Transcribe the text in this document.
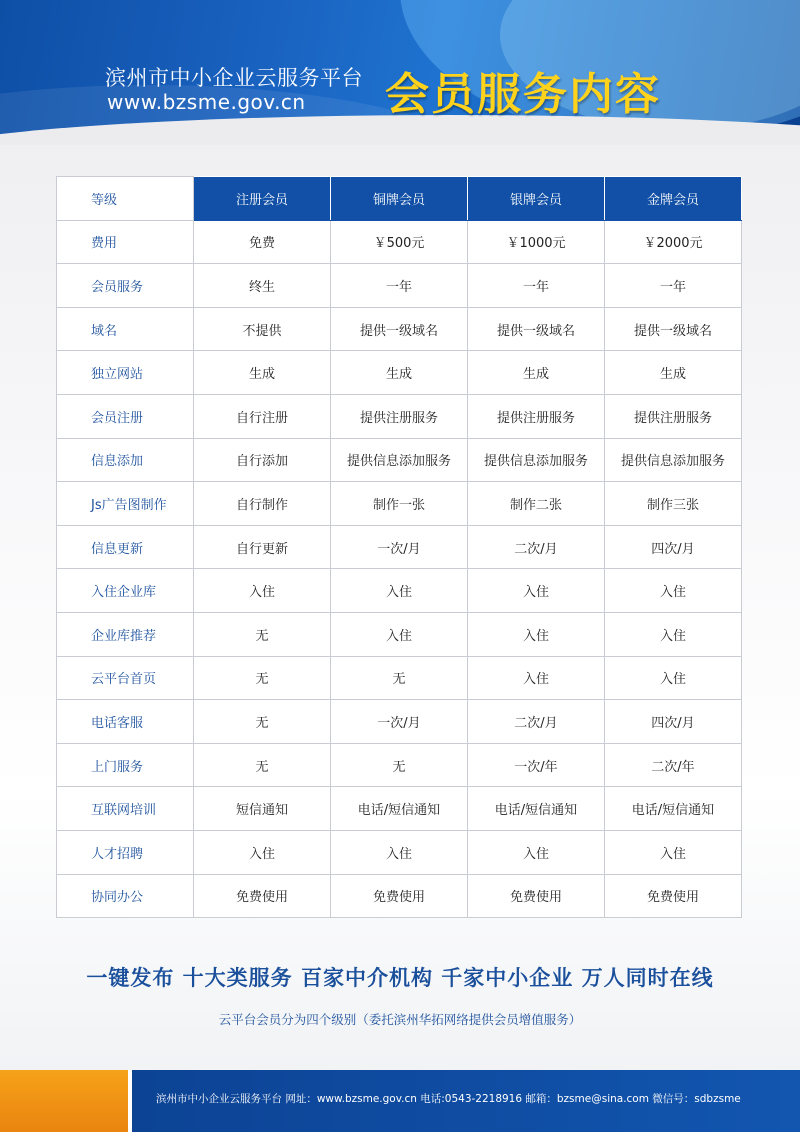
滨州市中小企业云服务平台
www.bzsme.gov.cn 会员服务内容
等级	注册会员	铜牌会员	银牌会员	金牌会员
费用	免费	￥500元	￥1000元	￥2000元
会员服务	终生	一年	一年	一年
域名	不提供	提供一级域名	提供一级域名	提供一级域名
独立网站	生成	生成	生成	生成
会员注册	自行注册	提供注册服务	提供注册服务	提供注册服务
信息添加	自行添加	提供信息添加服务	提供信息添加服务	提供信息添加服务
Js广告图制作	自行制作	制作一张	制作二张	制作三张
信息更新	自行更新	一次/月	二次/月	四次/月
入住企业库	入住	入住	入住	入住
企业库推荐	无	入住	入住	入住
云平台首页	无	无	入住	入住
电话客服	无	一次/月	二次/月	四次/月
上门服务	无	无	一次/年	二次/年
互联网培训	短信通知	电话/短信通知	电话/短信通知	电话/短信通知
人才招聘	入住	入住	入住	入住
协同办公	免费使用	免费使用	免费使用	免费使用
一键发布 十大类服务 百家中介机构 千家中小企业 万人同时在线
云平台会员分为四个级别（委托滨州华拓网络提供会员增值服务）
滨州市中小企业云服务平台 网址：www.bzsme.gov.cn 电话:0543-2218916 邮箱：bzsme@sina.com 微信号：sdbzsme
